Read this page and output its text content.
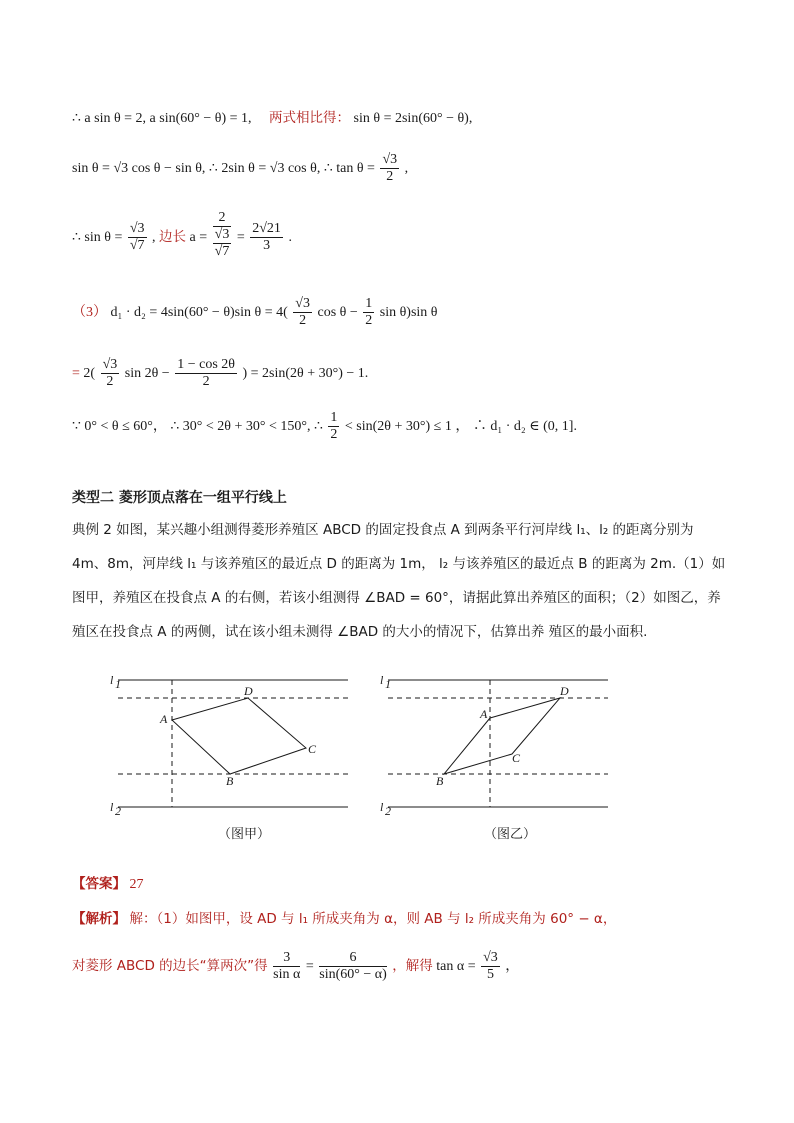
∴ a sin θ = 2, a sin(60° − θ) = 1, 两式相比得： sin θ = 2sin(60° − θ),
sin θ = √3 cos θ − sin θ, ∴ 2sin θ = √3 cos θ, ∴ $\tan \theta = \frac{√3}{2}$ ,
∴ $\sin \theta = \frac{√3}{√7}$ , 边长 a = 2
√3
$√7 = \frac{2√21}{3}$ .
（3） d₁ · d₂ = 4sin(60° − θ)sin $\theta = 4( \frac{√3}{2}$ $\cos \theta - \frac{1}{2}$ sin θ)sin θ
= $2( \frac{√3}{2}$ $\sin 2\theta - \frac{1 - \cos 2\theta}{2}$ ) = 2sin(2θ + 30°) − 1.
∵ 0° < θ ≤ 60°， ∴ 30° < 2θ + 30° < 150°, ∴ $\frac{1}{2} < \sin(2\theta + 30^\circ) \le 1$ ， ∴ d₁ · d₂ ∈ (0, 1].
类型二 菱形顶点落在一组平行线上
典例 2 如图，某兴趣小组测得菱形养殖区 ABCD 的固定投食点 A 到两条平行河岸线 l₁、l₂ 的距离分别为 4m、8m，河岸线 l₁ 与该养殖区的最近点 D 的距离为 1m， l₂ 与该养殖区的最近点 B 的距离为 2m.（1）如图甲，养殖区在投食点 A 的右侧，若该小组测得 ∠BAD = 60°，请据此算出养殖区的面积；（2）如图乙，养殖区在投食点 A 的两侧，试在该小组未测得 ∠BAD 的大小的情况下，估算出养 殖区的最小面积.
l 1
l 2
A
D
C
B
l 1
l 2
A
D
C
B
（图甲）	（图乙）
【答案】 27
【解析】 解：（1）如图甲，设 AD 与 l₁ 所成夹角为 α，则 AB 与 l₂ 所成夹角为 60° − α，
对菱形 ABCD 的边长“算两次”得 $\frac{3}{\text{sin α}} = \frac{6}{\sin(60^\circ - \alpha)}$ ，解得 $\tan \alpha = \frac{√3}{5}$ ，
